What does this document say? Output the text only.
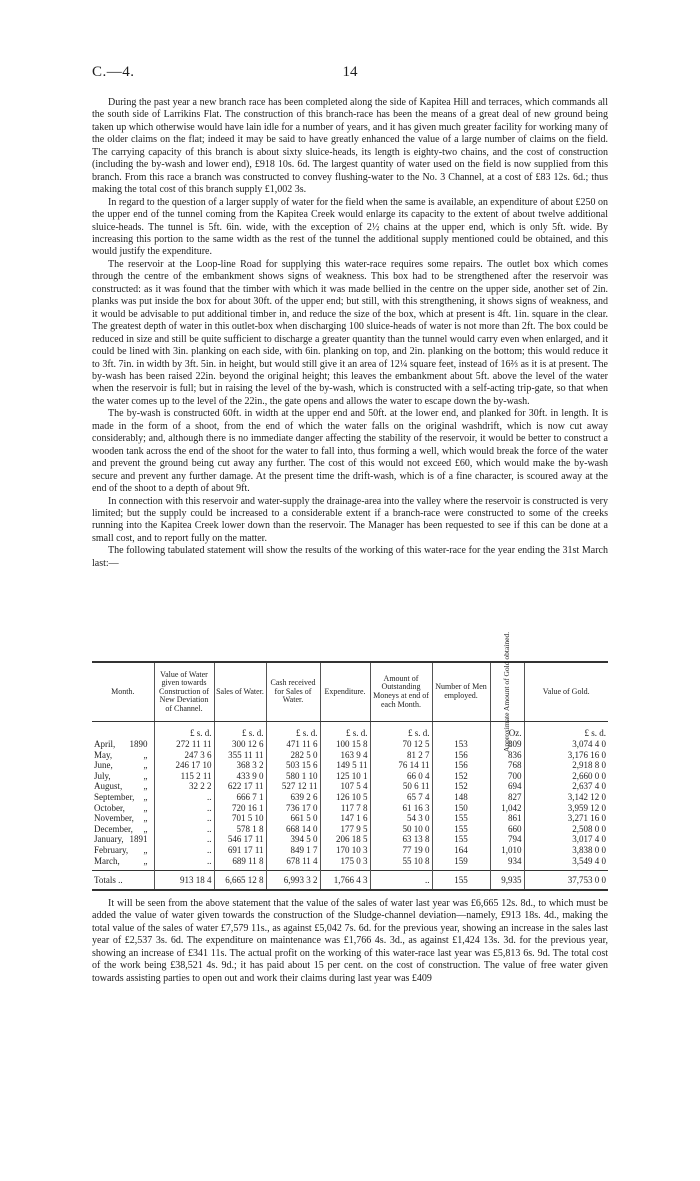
C.—4.	14

During the past year a new branch race has been completed along the side of Kapitea Hill and terraces, which commands all the south side of Larrikins Flat. The construction of this branch-race has been the means of a great deal of new ground being taken up which otherwise would have lain idle for a number of years, and it has given much greater facility for working many of the older claims on the flat; indeed it may be said to have greatly enhanced the value of a large number of claims on the field. The carrying capacity of this branch is about sixty sluice-heads, its length is eighty-two chains, and the cost of construction (including the by-wash and lower end), £918 10s. 6d. The largest quantity of water used on the field is now supplied from this branch. From this race a branch was constructed to convey flushing-water to the No. 3 Channel, at a cost of £83 12s. 6d.; thus making the total cost of this branch supply £1,002 3s.

In regard to the question of a larger supply of water for the field when the same is available, an expenditure of about £250 on the upper end of the tunnel coming from the Kapitea Creek would enlarge its capacity to the extent of about twelve additional sluice-heads. The tunnel is 5ft. 6in. wide, with the exception of 2½ chains at the upper end, which is only 5ft. wide. By increasing this portion to the same width as the rest of the tunnel the additional supply mentioned could be obtained, and this would justify the expenditure.

The reservoir at the Loop-line Road for supplying this water-race requires some repairs. The outlet box which comes through the centre of the embankment shows signs of weakness. This box had to be strengthened after the reservoir was constructed: as it was found that the timber with which it was made bellied in the centre on the upper side, another set of 2in. planks was put inside the box for about 30ft. of the upper end; but still, with this strengthening, it shows signs of weakness, and it would be advisable to put additional timber in, and reduce the size of the box, which at present is 4ft. 1in. square in the clear. The greatest depth of water in this outlet-box when discharging 100 sluice-heads of water is not more than 2ft. The box could be reduced in size and still be quite sufficient to discharge a greater quantity than the tunnel would carry even when enlarged, and it could be lined with 3in. planking on each side, with 6in. planking on top, and 2in. planking on the bottom; this would reduce it to 3ft. 7in. in width by 3ft. 5in. in height, but would still give it an area of 12¼ square feet, instead of 16⅔ as it is at present. The by-wash has been raised 22in. beyond the original height; this leaves the embankment about 5ft. above the level of the water when the reservoir is full; but in raising the level of the by-wash, which is constructed with a self-acting trip-gate, so that when the water comes up to the level of the 22in., the gate opens and allows the water to escape down the by-wash.

The by-wash is constructed 60ft. in width at the upper end and 50ft. at the lower end, and planked for 30ft. in length. It is made in the form of a shoot, from the end of which the water falls on the original washdrift, which is now cut away considerably; and, although there is no immediate danger affecting the stability of the reservoir, it would be better to construct a wooden tank across the end of the shoot for the water to fall into, thus forming a well, which would break the force of the water and prevent the ground being cut away any further. The cost of this would not exceed £60, which would make the by-wash secure and prevent any further damage. At the present time the drift-wash, which is of a fine character, is scoured away at the end of the shoot to a depth of about 9ft.

In connection with this reservoir and water-supply the drainage-area into the valley where the reservoir is constructed is very limited; but the supply could be increased to a considerable extent if a branch-race were constructed to some of the creeks running into the Kapitea Creek lower down than the reservoir. The Manager has been requested to see if this can be done at a small cost, and to report fully on the matter.

The following tabulated statement will show the results of the working of this water-race for the year ending the 31st March last:—

Month.	Value of Water given towards Construction of New Deviation of Channel.	Sales of Water.	Cash received for Sales of Water.	Expenditure.	Amount of Outstanding Moneys at end of each Month.	Number of Men employed.	Approximate Amount of Gold obtained.	Value of Gold.
	£ s. d.	£ s. d.	£ s. d.	£ s. d.	£ s. d.		Oz.	£ s. d.
April, 1890	272 11 11	300 12 6	471 11 6	100 15 8	70 12 5	153	809	3,074 4 0
May, „	247 3 6	355 11 11	282 5 0	163 9 4	81 2 7	156	836	3,176 16 0
June, „	246 17 10	368 3 2	503 15 6	149 5 11	76 14 11	156	768	2,918 8 0
July, „	115 2 11	433 9 0	580 1 10	125 10 1	66 0 4	152	700	2,660 0 0
August, „	32 2 2	622 17 11	527 12 11	107 5 4	50 6 11	152	694	2,637 4 0
September, „	..	666 7 1	639 2 6	126 10 5	65 7 4	148	827	3,142 12 0
October, „	..	720 16 1	736 17 0	117 7 8	61 16 3	150	1,042	3,959 12 0
November, „	..	701 5 10	661 5 0	147 1 6	54 3 0	155	861	3,271 16 0
December, „	..	578 1 8	668 14 0	177 9 5	50 10 0	155	660	2,508 0 0
January, 1891	..	546 17 11	394 5 0	206 18 5	63 13 8	155	794	3,017 4 0
February, „	..	691 17 11	849 1 7	170 10 3	77 19 0	164	1,010	3,838 0 0
March, „	..	689 11 8	678 11 4	175 0 3	55 10 8	159	934	3,549 4 0

Totals ..	913 18 4	6,665 12 8	6,993 3 2	1,766 4 3	..	155	9,935	37,753 0 0

It will be seen from the above statement that the value of the sales of water last year was £6,665 12s. 8d., to which must be added the value of water given towards the construction of the Sludge-channel deviation—namely, £913 18s. 4d., making the total value of the sales of water £7,579 11s., as against £5,042 7s. 6d. for the previous year, showing an increase in the sales last year of £2,537 3s. 6d. The expenditure on maintenance was £1,766 4s. 3d., as against £1,424 13s. 3d. for the previous year, showing an increase of £341 11s. The actual profit on the working of this water-race last year was £5,813 6s. 9d. The total cost of the work being £38,521 4s. 9d.; it has paid about 15 per cent. on the cost of construction. The value of free water given towards assisting parties to open out and work their claims during last year was £409
